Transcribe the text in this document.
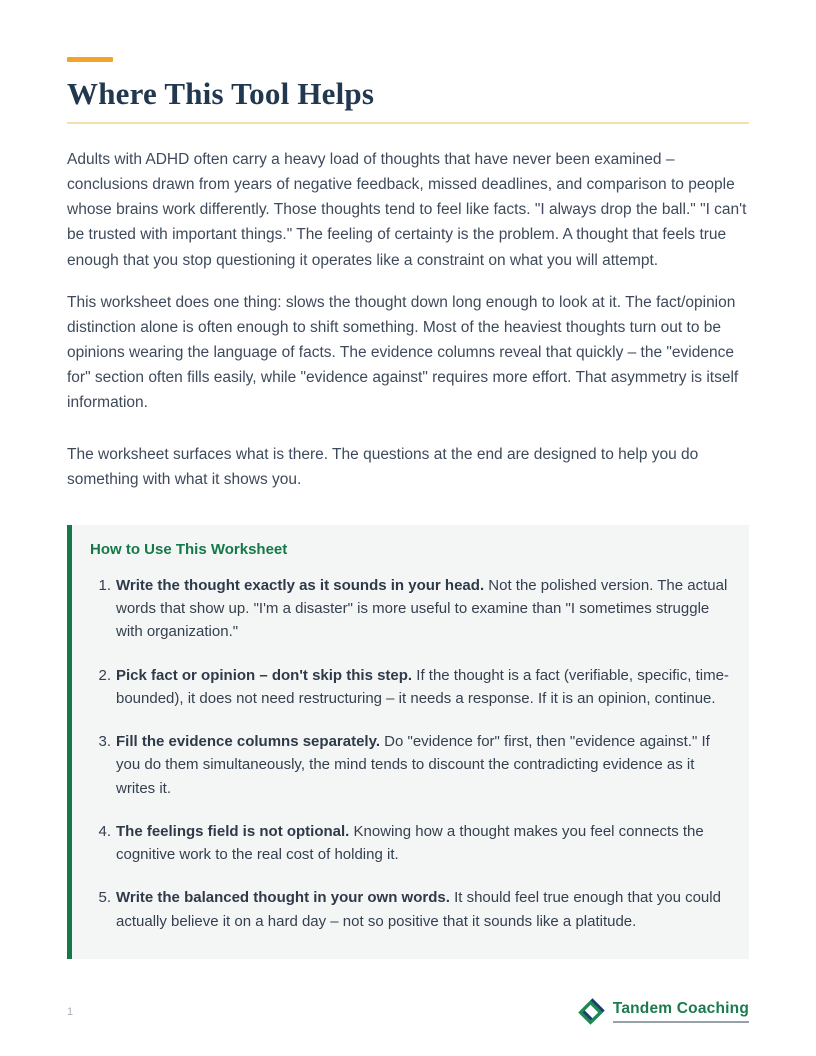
Where This Tool Helps

Adults with ADHD often carry a heavy load of thoughts that have never been examined – conclusions drawn from years of negative feedback, missed deadlines, and comparison to people whose brains work differently. Those thoughts tend to feel like facts. "I always drop the ball." "I can't be trusted with important things." The feeling of certainty is the problem. A thought that feels true enough that you stop questioning it operates like a constraint on what you will attempt.

This worksheet does one thing: slows the thought down long enough to look at it. The fact/opinion distinction alone is often enough to shift something. Most of the heaviest thoughts turn out to be opinions wearing the language of facts. The evidence columns reveal that quickly – the "evidence for" section often fills easily, while "evidence against" requires more effort. That asymmetry is itself information.

The worksheet surfaces what is there. The questions at the end are designed to help you do something with what it shows you.

How to Use This Worksheet
1. Write the thought exactly as it sounds in your head. Not the polished version. The actual words that show up. "I'm a disaster" is more useful to examine than "I sometimes struggle with organization."
2. Pick fact or opinion – don't skip this step. If the thought is a fact (verifiable, specific, time-bounded), it does not need restructuring – it needs a response. If it is an opinion, continue.
3. Fill the evidence columns separately. Do "evidence for" first, then "evidence against." If you do them simultaneously, the mind tends to discount the contradicting evidence as it writes it.
4. The feelings field is not optional. Knowing how a thought makes you feel connects the cognitive work to the real cost of holding it.
5. Write the balanced thought in your own words. It should feel true enough that you could actually believe it on a hard day – not so positive that it sounds like a platitude.
1	Tandem Coaching
